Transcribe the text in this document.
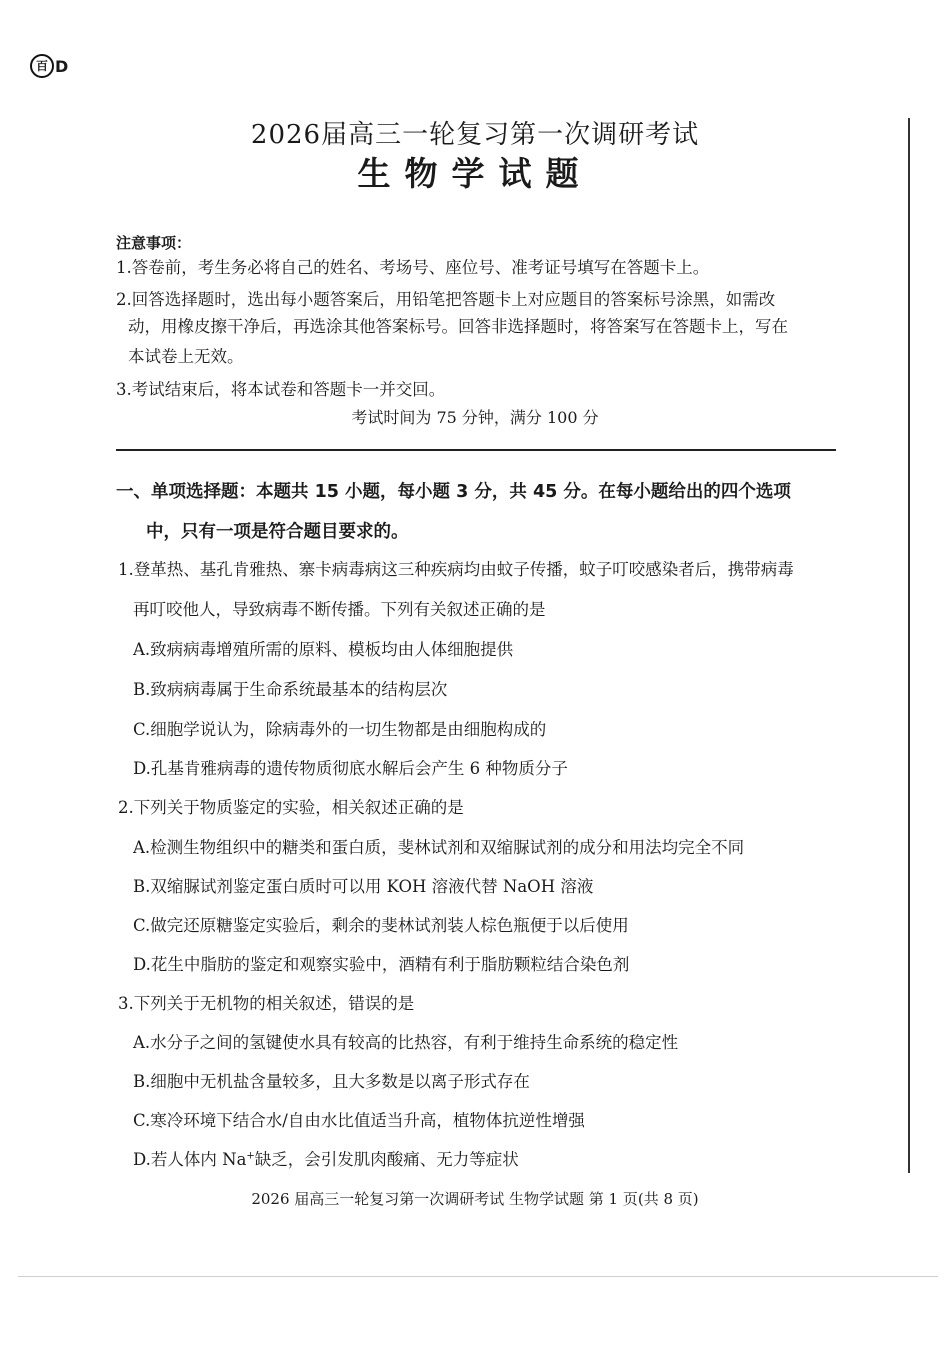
百 D
2026届高三一轮复习第一次调研考试
生物学试题
注意事项：
1.答卷前，考生务必将自己的姓名、考场号、座位号、准考证号填写在答题卡上。
2.回答选择题时，选出每小题答案后，用铅笔把答题卡上对应题目的答案标号涂黑，如需改
动，用橡皮擦干净后，再选涂其他答案标号。回答非选择题时，将答案写在答题卡上，写在
本试卷上无效。
3.考试结束后，将本试卷和答题卡一并交回。
考试时间为 75 分钟，满分 100 分
一、单项选择题：本题共 15 小题，每小题 3 分，共 45 分。在每小题给出的四个选项
中，只有一项是符合题目要求的。
1.登革热、基孔肯雅热、寨卡病毒病这三种疾病均由蚊子传播，蚊子叮咬感染者后，携带病毒
再叮咬他人，导致病毒不断传播。下列有关叙述正确的是
A.致病病毒增殖所需的原料、模板均由人体细胞提供
B.致病病毒属于生命系统最基本的结构层次
C.细胞学说认为，除病毒外的一切生物都是由细胞构成的
D.孔基肯雅病毒的遗传物质彻底水解后会产生 6 种物质分子
2.下列关于物质鉴定的实验，相关叙述正确的是
A.检测生物组织中的糖类和蛋白质，斐林试剂和双缩脲试剂的成分和用法均完全不同
B.双缩脲试剂鉴定蛋白质时可以用 KOH 溶液代替 NaOH 溶液
C.做完还原糖鉴定实验后，剩余的斐林试剂装人棕色瓶便于以后使用
D.花生中脂肪的鉴定和观察实验中，酒精有利于脂肪颗粒结合染色剂
3.下列关于无机物的相关叙述，错误的是
A.水分子之间的氢键使水具有较高的比热容，有利于维持生命系统的稳定性
B.细胞中无机盐含量较多，且大多数是以离子形式存在
C.寒冷环境下结合水/自由水比值适当升高，植物体抗逆性增强
D.若人体内 Na+缺乏，会引发肌肉酸痛、无力等症状
2026 届高三一轮复习第一次调研考试 生物学试题 第 1 页(共 8 页)
